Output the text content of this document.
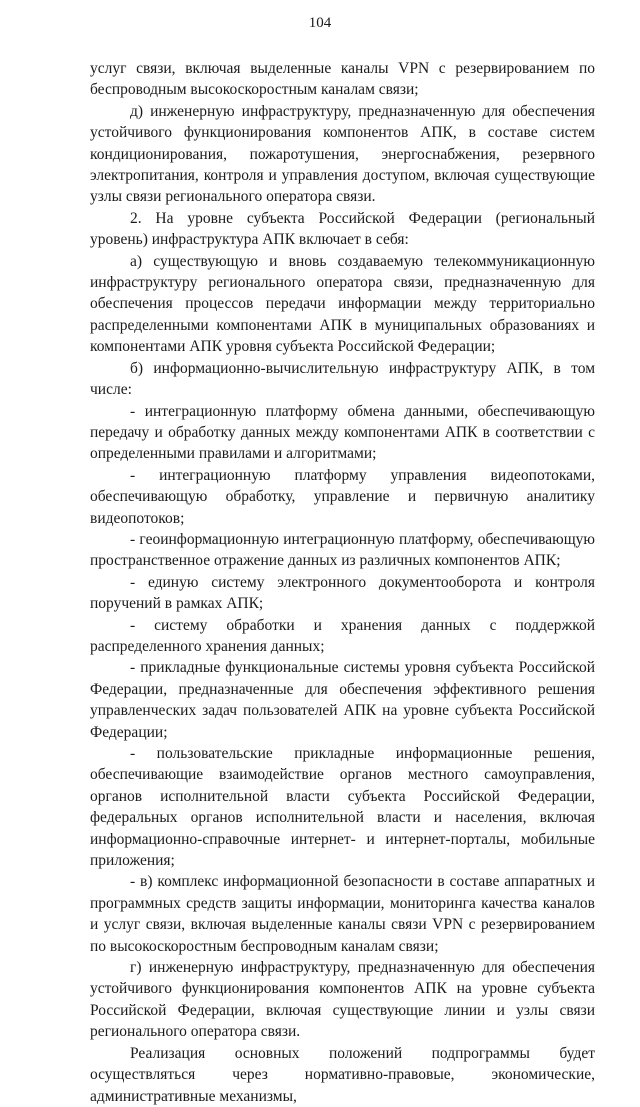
104

услуг связи, включая выделенные каналы VPN с резервированием по беспроводным высокоскоростным каналам связи;

д) инженерную инфраструктуру, предназначенную для обеспечения устойчивого функционирования компонентов АПК, в составе систем кондиционирования, пожаротушения, энергоснабжения, резервного электропитания, контроля и управления доступом, включая существующие узлы связи регионального оператора связи.

2. На уровне субъекта Российской Федерации (региональный уровень) инфраструктура АПК включает в себя:

а) существующую и вновь создаваемую телекоммуникационную инфраструктуру регионального оператора связи, предназначенную для обеспечения процессов передачи информации между территориально распределенными компонентами АПК в муниципальных образованиях и компонентами АПК уровня субъекта Российской Федерации;

б) информационно-вычислительную инфраструктуру АПК, в том числе:

- интеграционную платформу обмена данными, обеспечивающую передачу и обработку данных между компонентами АПК в соответствии с определенными правилами и алгоритмами;

- интеграционную платформу управления видеопотоками, обеспечивающую обработку, управление и первичную аналитику видеопотоков;

- геоинформационную интеграционную платформу, обеспечивающую пространственное отражение данных из различных компонентов АПК;

- единую систему электронного документооборота и контроля поручений в рамках АПК;

- систему обработки и хранения данных с поддержкой распределенного хранения данных;

- прикладные функциональные системы уровня субъекта Российской Федерации, предназначенные для обеспечения эффективного решения управленческих задач пользователей АПК на уровне субъекта Российской Федерации;

- пользовательские прикладные информационные решения, обеспечивающие взаимодействие органов местного самоуправления, органов исполнительной власти субъекта Российской Федерации, федеральных органов исполнительной власти и населения, включая информационно-справочные интернет- и интернет-порталы, мобильные приложения;

- в) комплекс информационной безопасности в составе аппаратных и программных средств защиты информации, мониторинга качества каналов и услуг связи, включая выделенные каналы связи VPN с резервированием по высокоскоростным беспроводным каналам связи;

г) инженерную инфраструктуру, предназначенную для обеспечения устойчивого функционирования компонентов АПК на уровне субъекта Российской Федерации, включая существующие линии и узлы связи регионального оператора связи.

Реализация основных положений подпрограммы будет осуществляться через нормативно-правовые, экономические, административные механизмы,
